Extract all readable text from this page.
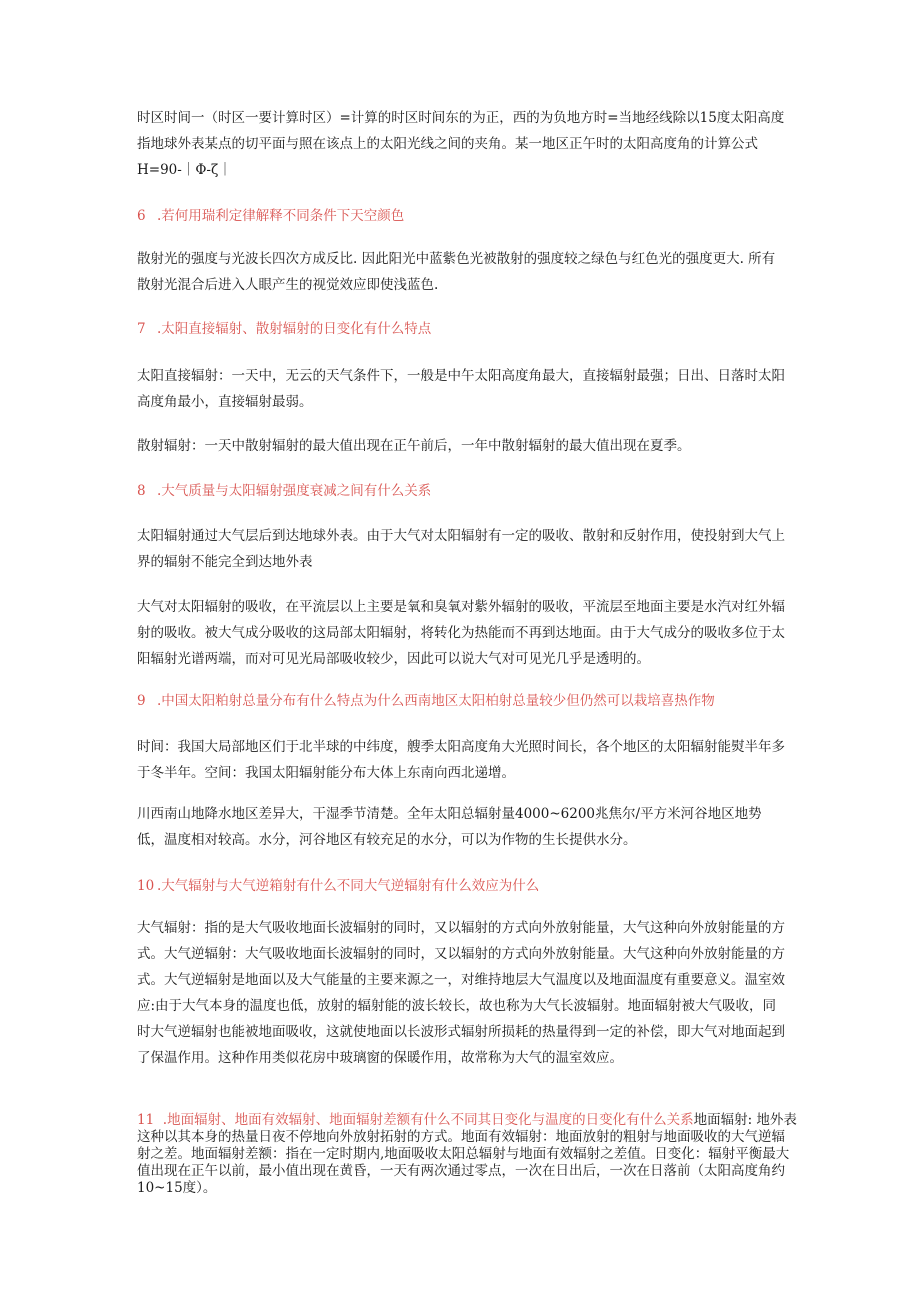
时区时间一（时区一要计算时区）=计算的时区时间东的为正，西的为负地方时=当地经线除以15度太阳高度指地球外表某点的切平面与照在该点上的太阳光线之间的夹角。某一地区正午时的太阳高度角的计算公式H=90-｜Φ-ζ｜

6 .若何用瑞利定律解释不同条件下天空颜色

散射光的强度与光波长四次方成反比. 因此阳光中蓝紫色光被散射的强度较之绿色与红色光的强度更大. 所有散射光混合后进入人眼产生的视觉效应即使浅蓝色.

7 .太阳直接辐射、散射辐射的日变化有什么特点

太阳直接辐射：一天中，无云的天气条件下，一般是中午太阳高度角最大，直接辐射最强；日出、日落时太阳高度角最小，直接辐射最弱。

散射辐射：一天中散射辐射的最大值出现在正午前后，一年中散射辐射的最大值出现在夏季。

8 .大气质量与太阳辐射强度衰减之间有什么关系

太阳辐射通过大气层后到达地球外表。由于大气对太阳辐射有一定的吸收、散射和反射作用，使投射到大气上界的辐射不能完全到达地外表

大气对太阳辐射的吸收，在平流层以上主要是氧和臭氧对紫外辐射的吸收，平流层至地面主要是水汽对红外辐射的吸收。被大气成分吸收的这局部太阳辐射，将转化为热能而不再到达地面。由于大气成分的吸收多位于太阳辐射光谱两端，而对可见光局部吸收较少，因此可以说大气对可见光几乎是透明的。

9 .中国太阳粕射总量分布有什么特点为什么西南地区太阳柏射总量较少但仍然可以栽培喜热作物

时间：我国大局部地区们于北半球的中纬度，艘季太阳高度角大光照时间长，各个地区的太阳辐射能熨半年多于冬半年。空间：我国太阳辐射能分布大体上东南向西北递增。

川西南山地降水地区差异大，干湿季节清楚。全年太阳总辐射量4000~6200兆焦尔/平方米河谷地区地势低，温度相对较高。水分，河谷地区有较充足的水分，可以为作物的生长提供水分。

10 .大气辐射与大气逆箱射有什么不同大气逆辐射有什么效应为什么

大气辐射：指的是大气吸收地面长波辐射的同时，又以辐射的方式向外放射能量，大气这种向外放射能量的方式。大气逆辐射：大气吸收地面长波辐射的同时，又以辐射的方式向外放射能量。大气这种向外放射能量的方式。大气逆辐射是地面以及大气能量的主要来源之一，对维持地层大气温度以及地面温度有重要意义。温室效应:由于大气本身的温度也低，放射的辐射能的波长较长，故也称为大气长波辐射。地面辐射被大气吸收，同时大气逆辐射也能被地面吸收，这就使地面以长波形式辐射所损耗的热量得到一定的补偿，即大气对地面起到了保温作用。这种作用类似花房中玻璃窗的保暖作用，故常称为大气的温室效应。

11 .地面辐射、地面有效辐射、地面辐射差额有什么不同其日变化与温度的日变化有什么关系地面辐射: 地外表这种以其本身的热量日夜不停地向外放射拓射的方式。地面有效辐射：地面放射的粗射与地面吸收的大气逆辐射之差。地面辐射差额：指在一定时期内,地面吸收太阳总辐射与地面有效辐射之差值。日变化：辐射平衡最大值出现在正午以前，最小值出现在黄昏，一天有两次通过零点，一次在日出后，一次在日落前（太阳高度角约10~15度）。
